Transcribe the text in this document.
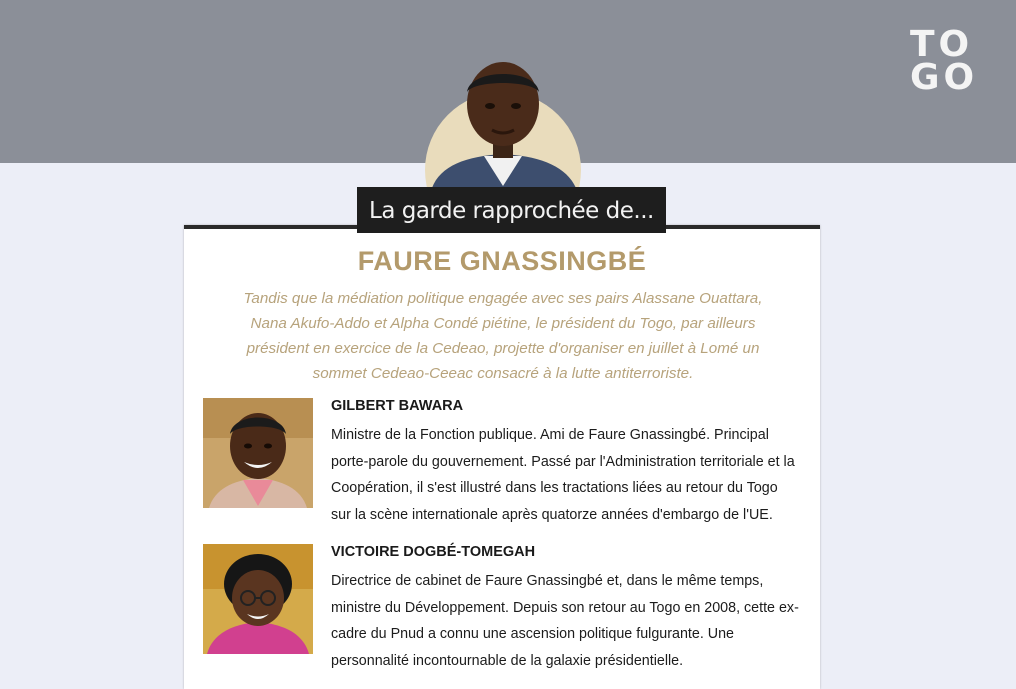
TO
GO
La garde rapprochée de...
FAURE GNASSINGBÉ

Tandis que la médiation politique engagée avec ses pairs Alassane Ouattara, Nana Akufo-Addo et Alpha Condé piétine, le président du Togo, par ailleurs président en exercice de la Cedeao, projette d'organiser en juillet à Lomé un sommet Cedeao-Ceeac consacré à la lutte antiterroriste.

GILBERT BAWARA

Ministre de la Fonction publique. Ami de Faure Gnassingbé. Principal porte-parole du gouvernement. Passé par l'Administration territoriale et la Coopération, il s'est illustré dans les tractations liées au retour du Togo sur la scène internationale après quatorze années d'embargo de l'UE.

VICTOIRE DOGBÉ-TOMEGAH

Directrice de cabinet de Faure Gnassingbé et, dans le même temps, ministre du Développement. Depuis son retour au Togo en 2008, cette ex-cadre du Pnud a connu une ascension politique fulgurante. Une personnalité incontournable de la galaxie présidentielle.
